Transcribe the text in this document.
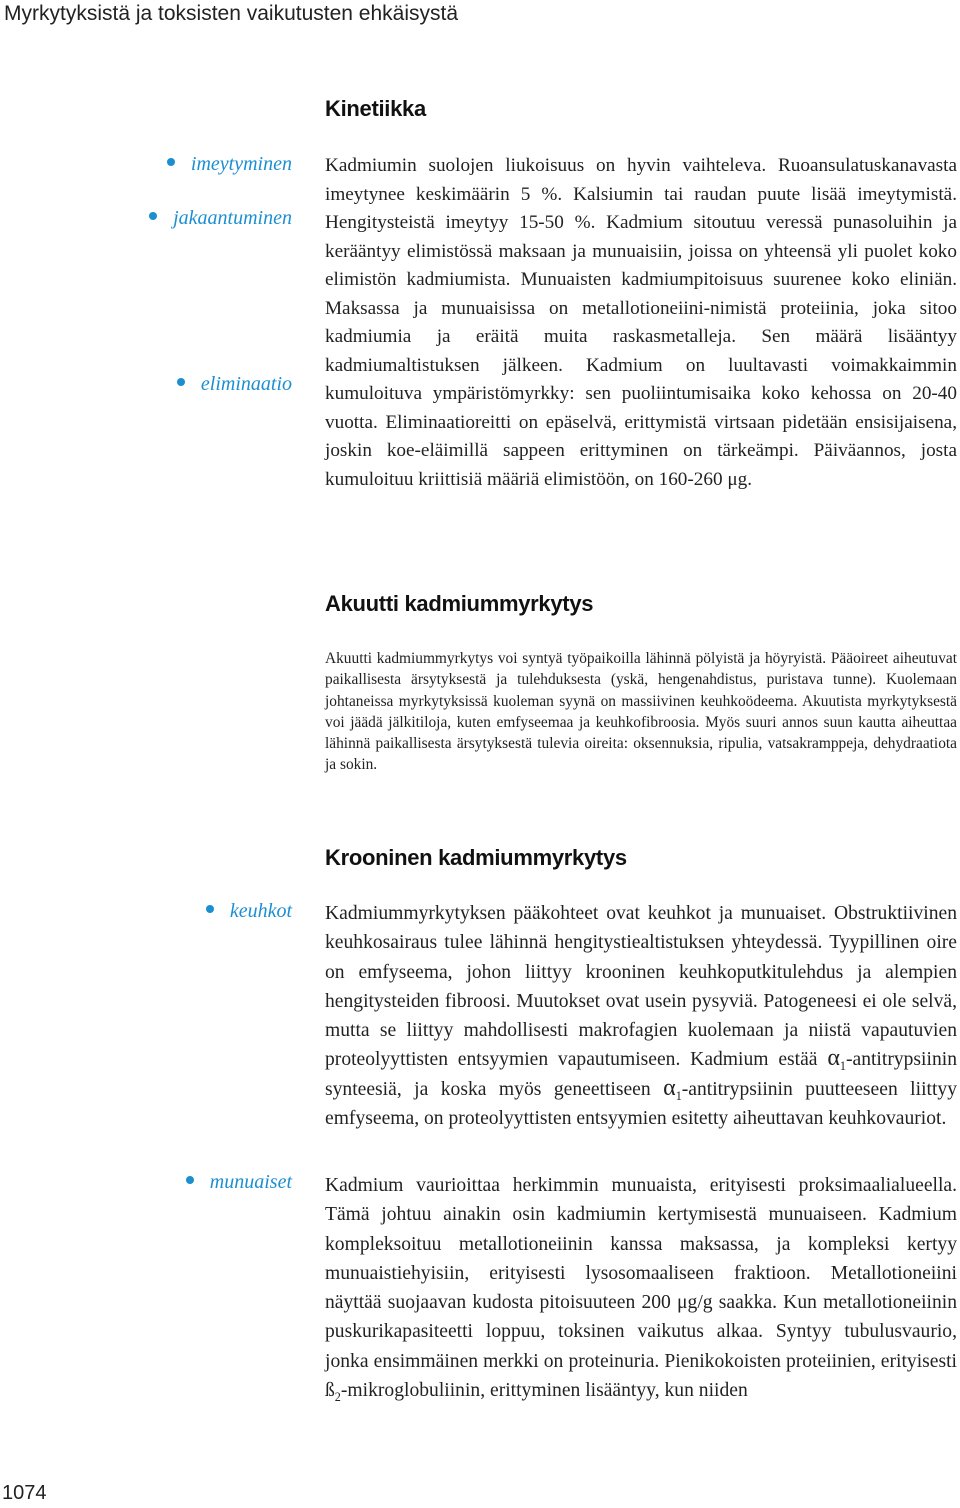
Myrkytyksistä ja toksisten vaikutusten ehkäisystä
Kinetiikka
imeytyminen
jakaantuminen
eliminaatio

Kadmiumin suolojen liukoisuus on hyvin vaihteleva. Ruoansulatuskanavasta imeytynee keskimäärin 5 %. Kalsiumin tai raudan puute lisää imeytymistä. Hengitysteistä imeytyy 15-50 %. Kadmium sitoutuu veressä punasoluihin ja kerääntyy elimistössä maksaan ja munuaisiin, joissa on yhteensä yli puolet koko elimistön kadmiumista. Munuaisten kadmiumpitoisuus suurenee koko eliniän. Maksassa ja munuaisissa on metallotioneiini-nimistä proteiinia, joka sitoo kadmiumia ja eräitä muita raskasmetalleja. Sen määrä lisääntyy kadmiumaltistuksen jälkeen. Kadmium on luultavasti voimakkaimmin kumuloituva ympäristömyrkky: sen puoliintumisaika koko kehossa on 20-40 vuotta. Eliminaatioreitti on epäselvä, erittymistä virtsaan pidetään ensisijaisena, joskin koe-eläimillä sappeen erittyminen on tärkeämpi. Päiväannos, josta kumuloituu kriittisiä määriä elimistöön, on 160-260 μg.

Akuutti kadmiummyrkytys

Akuutti kadmiummyrkytys voi syntyä työpaikoilla lähinnä pölyistä ja höyryistä. Pääoireet aiheutuvat paikallisesta ärsytyksestä ja tulehduksesta (yskä, hengenahdistus, puristava tunne). Kuolemaan johtaneissa myrkytyksissä kuoleman syynä on massiivinen keuhkoödeema. Akuutista myrkytyksestä voi jäädä jälkitiloja, kuten emfyseemaa ja keuhkofibroosia. Myös suuri annos suun kautta aiheuttaa lähinnä paikallisesta ärsytyksestä tulevia oireita: oksennuksia, ripulia, vatsakramppeja, dehydraatiota ja sokin.

Krooninen kadmiummyrkytys
keuhkot
munuaiset

Kadmiummyrkytyksen pääkohteet ovat keuhkot ja munuaiset. Obstruktiivinen keuhkosairaus tulee lähinnä hengitystiealtistuksen yhteydessä. Tyypillinen oire on emfyseema, johon liittyy krooninen keuhkoputkitulehdus ja alempien hengitysteiden fibroosi. Muutokset ovat usein pysyviä. Patogeneesi ei ole selvä, mutta se liittyy mahdollisesti makrofagien kuolemaan ja niistä vapautuvien proteolyyttisten entsyymien vapautumiseen. Kadmium estää $\alpha_1$-antitrypsiinin synteesiä, ja koska myös geneettiseen $\alpha_1$-antitrypsiinin puutteeseen liittyy emfyseema, on proteolyyttisten entsyymien esitetty aiheuttavan keuhkovauriot.

Kadmium vaurioittaa herkimmin munuaista, erityisesti proksimaalialueella. Tämä johtuu ainakin osin kadmiumin kertymisestä munuaiseen. Kadmium kompleksoituu metallotioneiinin kanssa maksassa, ja kompleksi kertyy munuaistiehyisiin, erityisesti lysosomaaliseen fraktioon. Metallotioneiini näyttää suojaavan kudosta pitoisuuteen 200 μg/g saakka. Kun metallotioneiinin puskurikapasiteetti loppuu, toksinen vaikutus alkaa. Syntyy tubulusvaurio, jonka ensimmäinen merkki on proteinuria. Pienikokoisten proteiinien, erityisesti $ß_2$-mikroglobuliinin, erittyminen lisääntyy, kun niiden

1074
